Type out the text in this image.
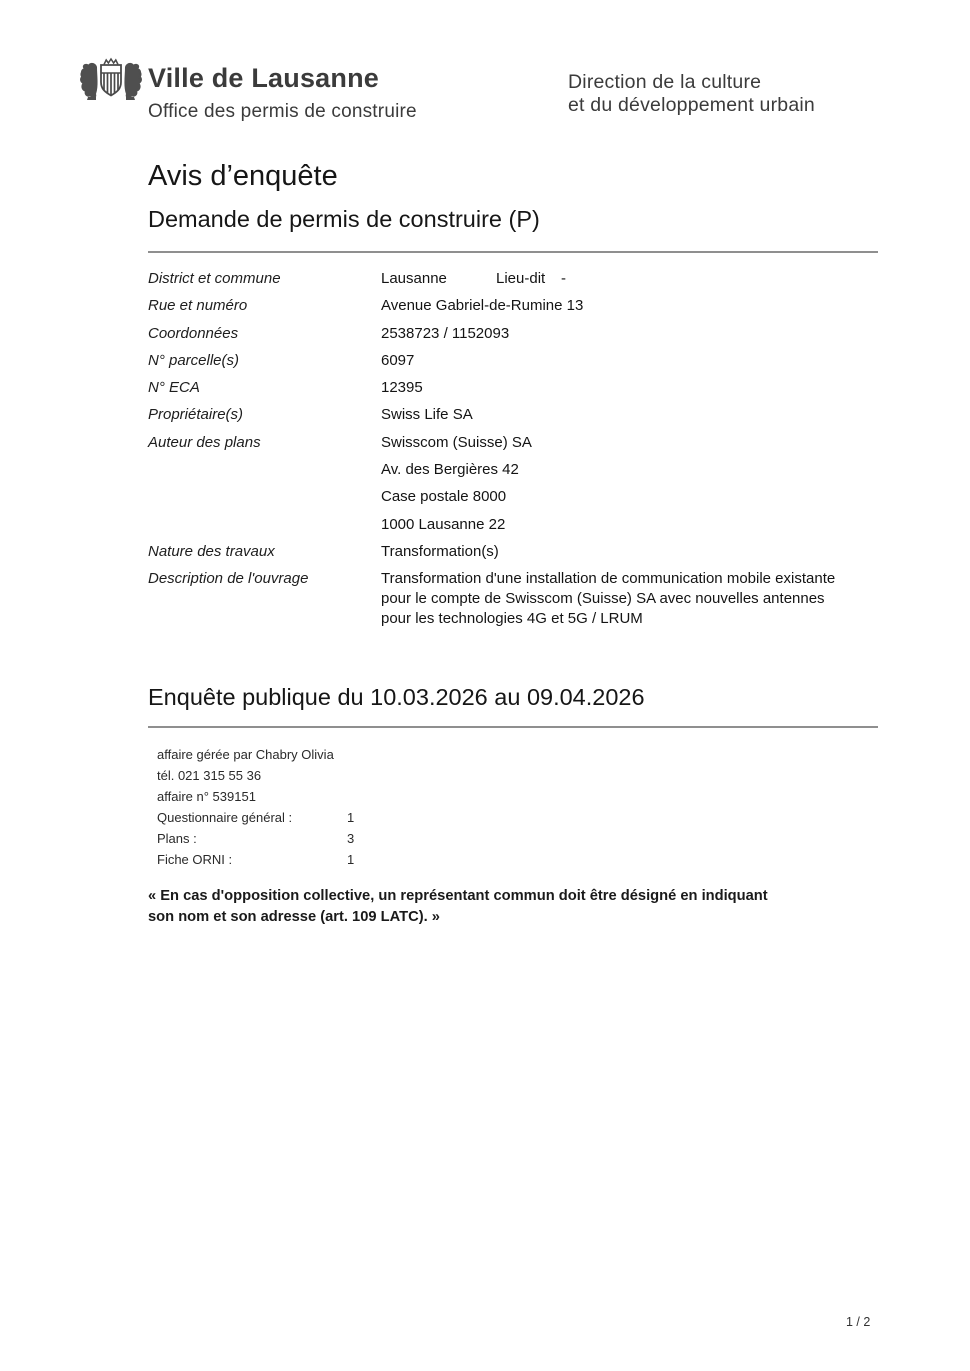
Ville de Lausanne
Office des permis de construire
Direction de la culture
et du développement urbain
Avis d’enquête
Demande de permis de construire (P)
District et commune	Lausanne	Lieu-dit -
Rue et numéro	Avenue Gabriel-de-Rumine 13
Coordonnées	2538723 / 1152093
N° parcelle(s)	6097
N° ECA	12395
Propriétaire(s)	Swiss Life SA
Auteur des plans	Swisscom (Suisse) SA
Av. des Bergières 42
Case postale 8000
1000 Lausanne 22
Nature des travaux	Transformation(s)
Description de l'ouvrage	Transformation d'une installation de communication mobile existante
pour le compte de Swisscom (Suisse) SA avec nouvelles antennes
pour les technologies 4G et 5G / LRUM
Enquête publique du 10.03.2026 au 09.04.2026
affaire gérée par Chabry Olivia
tél. 021 315 55 36
affaire n° 539151
Questionnaire général :	1
Plans :	3
Fiche ORNI :	1
« En cas d'opposition collective, un représentant commun doit être désigné en indiquant
son nom et son adresse (art. 109 LATC). »
1 / 2
